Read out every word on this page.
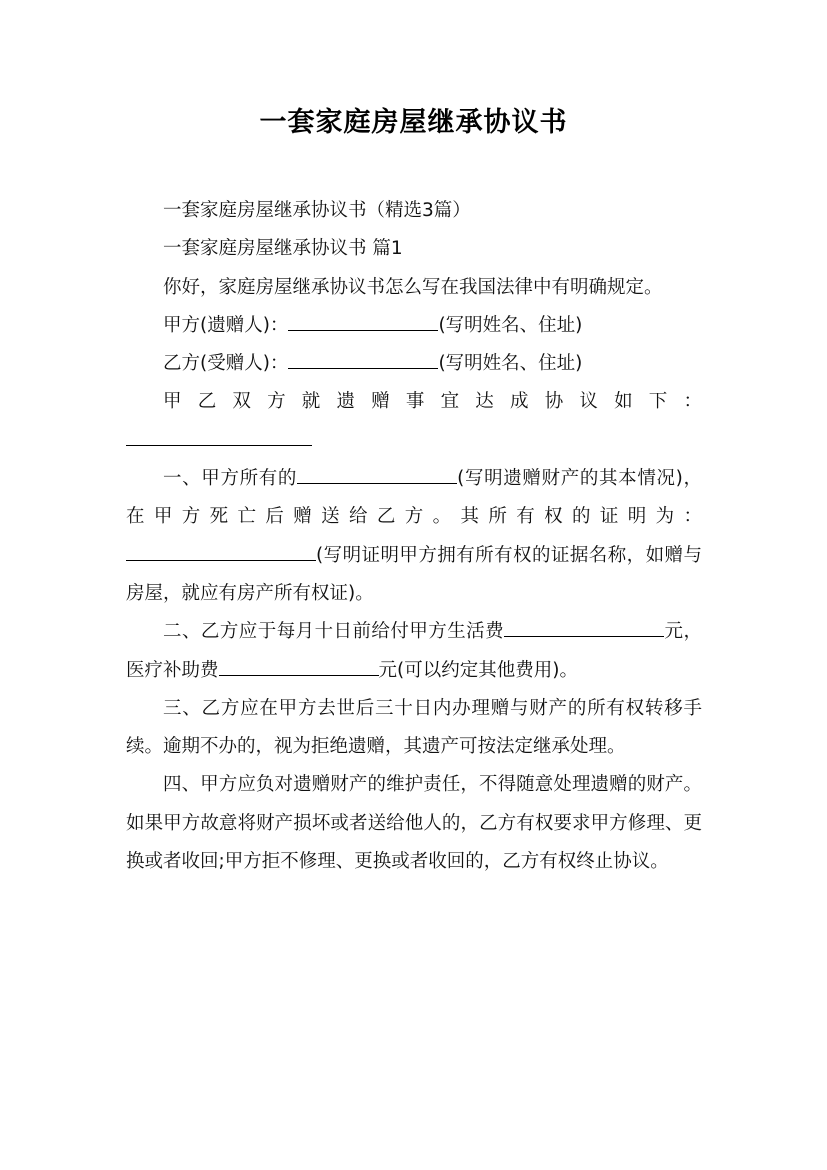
一套家庭房屋继承协议书

一套家庭房屋继承协议书（精选3篇）

一套家庭房屋继承协议书 篇1

你好，家庭房屋继承协议书怎么写在我国法律中有明确规定。

甲方(遗赠人)：	(写明姓名、住址)

乙方(受赠人)：	(写明姓名、住址)

甲乙双方就遗赠事宜达成协议如下：

一、甲方所有的	(写明遗赠财产的其本情况)，在甲方死亡后赠送给乙方。其所有权的证明为：(写明证明甲方拥有所有权的证据名称，如赠与房屋，就应有房产所有权证)。

二、乙方应于每月十日前给付甲方生活费	元，医疗补助费	元(可以约定其他费用)。

三、乙方应在甲方去世后三十日内办理赠与财产的所有权转移手续。逾期不办的，视为拒绝遗赠，其遗产可按法定继承处理。

四、甲方应负对遗赠财产的维护责任，不得随意处理遗赠的财产。如果甲方故意将财产损坏或者送给他人的，乙方有权要求甲方修理、更换或者收回;甲方拒不修理、更换或者收回的，乙方有权终止协议。
